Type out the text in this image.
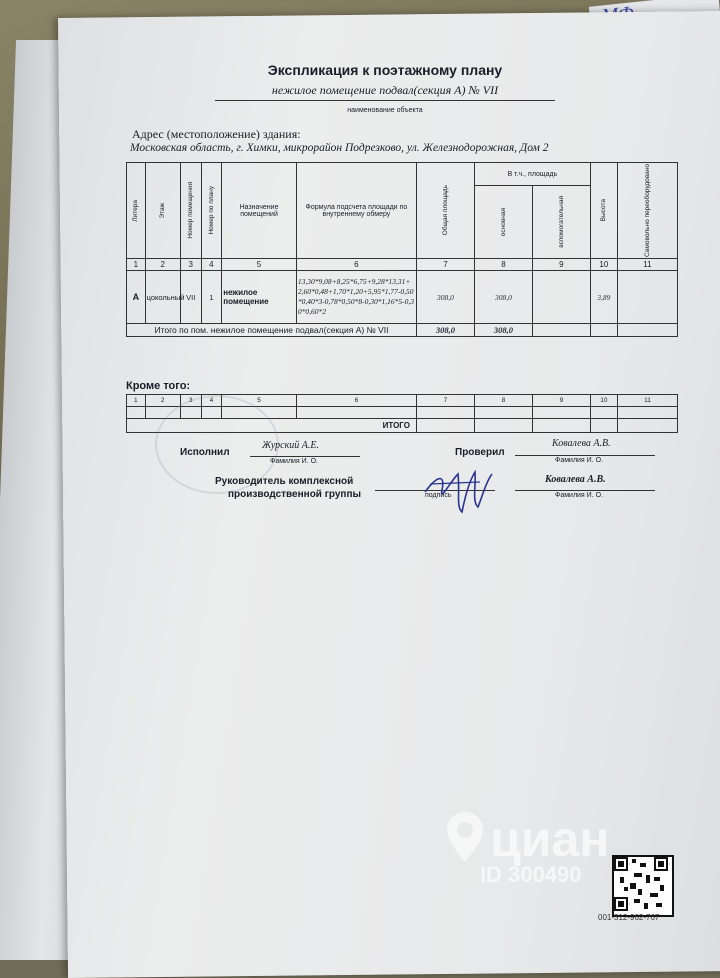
Экспликация к поэтажному плану
нежилое помещение подвал(секция А) № VII
наименование объекта
Адрес (местоположение) здания:
Московская область, г. Химки, микрорайон Подрезково, ул. Железнодорожная, Дом 2
Литера	Этаж	Номер помещения	Номер по плану	Назначение помещений	Формула подсчета площади по внутреннему обмеру	Общая площадь	В т.ч., площадь		Высота	Самовольно переоборудовано

							основная	вспомогательная		

1	2	3	4	5	6	7	8	9	10	11
А	цокольный	VII	1	нежилое помещение	13,30*9,08+8,25*6,75+9,28*13,31+2,60*0,48+1,70*1,20+5,95*1,77-0,50*0,40*3-0,78*0,50*8-0,30*1,16*5-0,30*0,60*2	308,0	308,0		3,89	
Итого по пом. нежилое помещение подвал(секция А) № VII						308,0	308,0			
Кроме того:
1	2	3	4	5	6	7	8	9	10	11

ИТОГО										
Исполнил
Журский А.Е.
Фамилия И. О.
Проверил
Ковалева А.В.
Фамилия И. О.
Руководитель комплексной
производственной группы	подпись
Ковалева А.В.
Фамилия И. О.
циан
ID 300490
001-312-962-767
